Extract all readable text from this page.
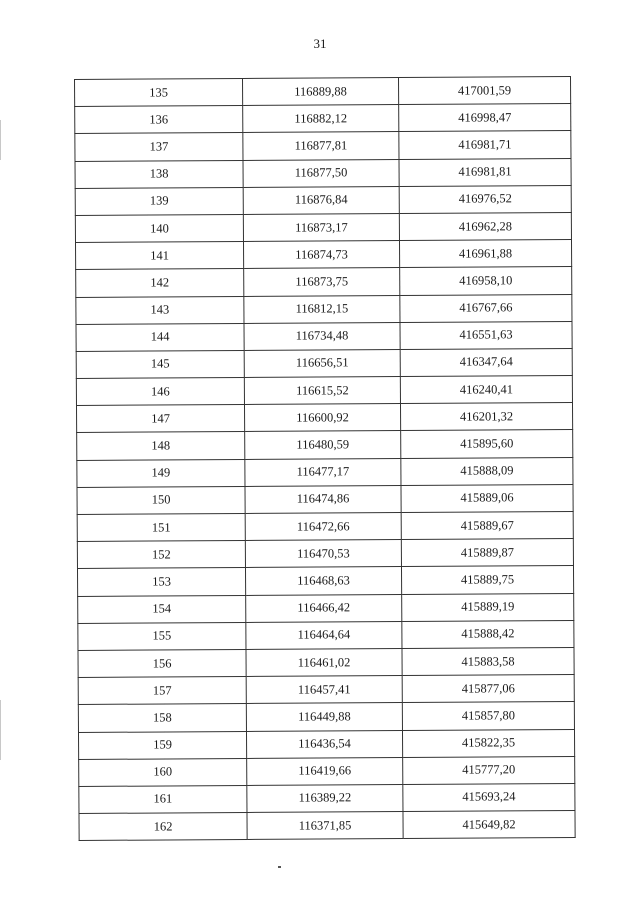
31
135	116889,88	417001,59
136	116882,12	416998,47
137	116877,81	416981,71
138	116877,50	416981,81
139	116876,84	416976,52
140	116873,17	416962,28
141	116874,73	416961,88
142	116873,75	416958,10
143	116812,15	416767,66
144	116734,48	416551,63
145	116656,51	416347,64
146	116615,52	416240,41
147	116600,92	416201,32
148	116480,59	415895,60
149	116477,17	415888,09
150	116474,86	415889,06
151	116472,66	415889,67
152	116470,53	415889,87
153	116468,63	415889,75
154	116466,42	415889,19
155	116464,64	415888,42
156	116461,02	415883,58
157	116457,41	415877,06
158	116449,88	415857,80
159	116436,54	415822,35
160	116419,66	415777,20
161	116389,22	415693,24
162	116371,85	415649,82
